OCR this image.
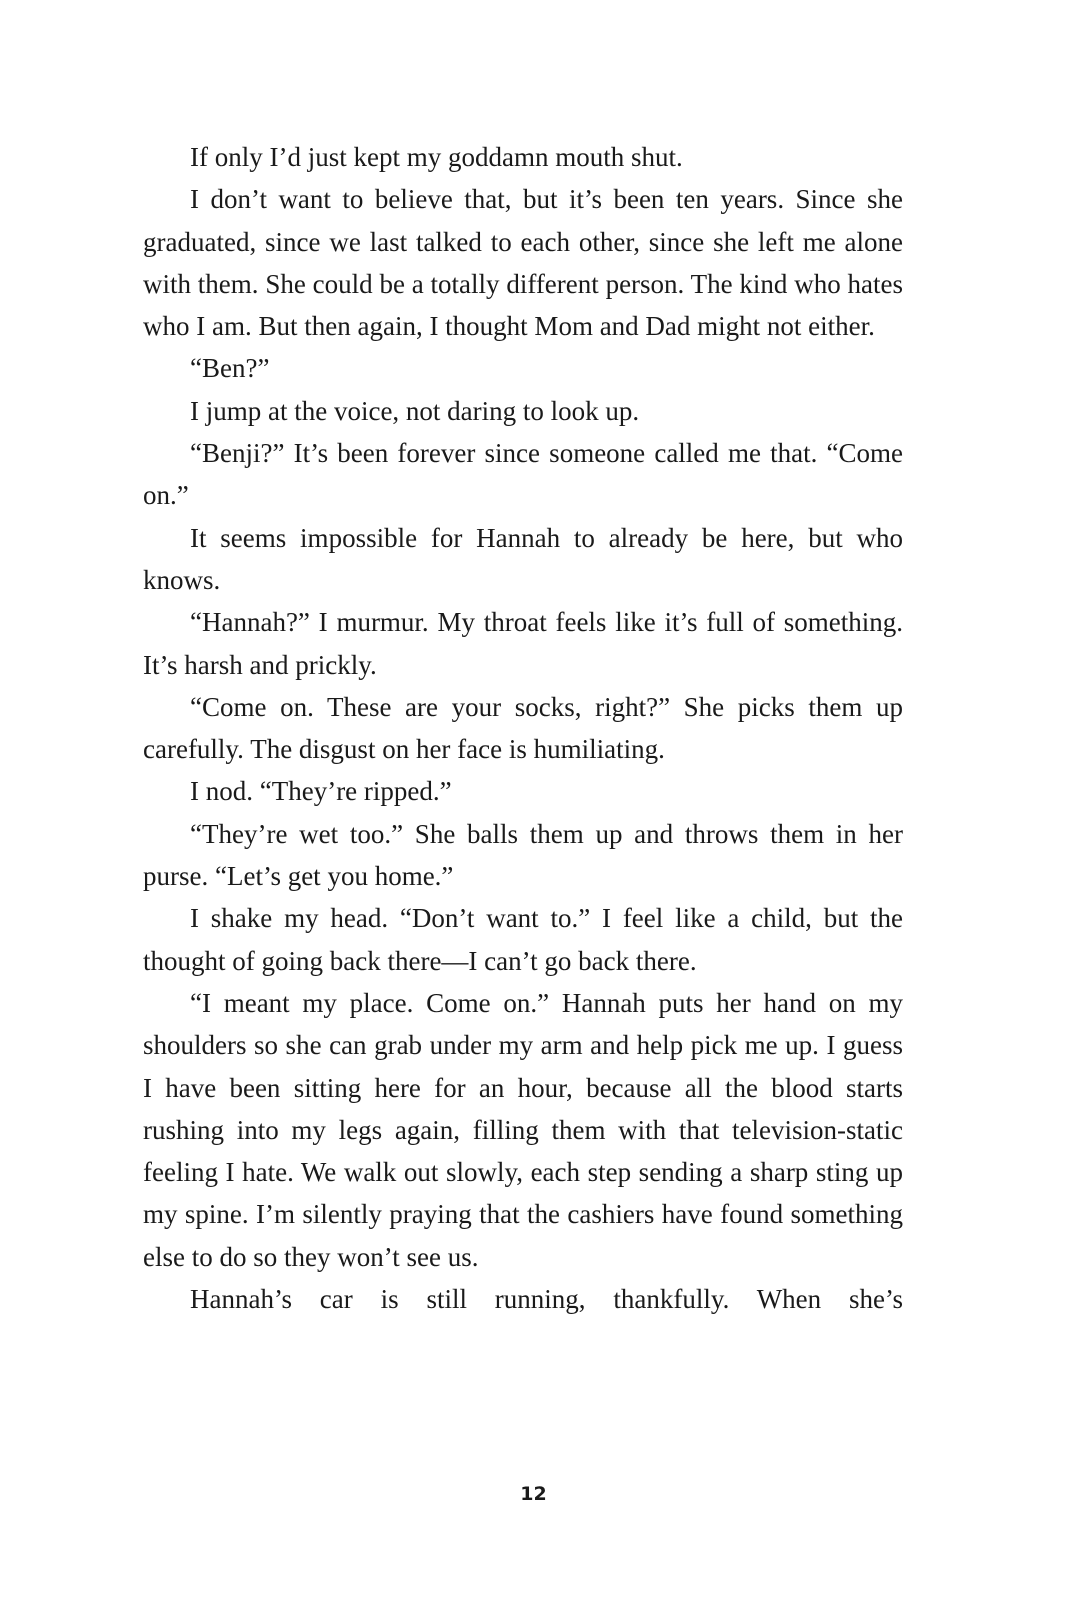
If only I’d just kept my goddamn mouth shut.

I don’t want to believe that, but it’s been ten years. Since she graduated, since we last talked to each other, since she left me alone with them. She could be a totally different person. The kind who hates who I am. But then again, I thought Mom and Dad might not either.

“Ben?”

I jump at the voice, not daring to look up.

“Benji?” It’s been forever since someone called me that. “Come on.”

It seems impossible for Hannah to already be here, but who knows.

“Hannah?” I murmur. My throat feels like it’s full of something. It’s harsh and prickly.

“Come on. These are your socks, right?” She picks them up carefully. The disgust on her face is humiliating.

I nod. “They’re ripped.”

“They’re wet too.” She balls them up and throws them in her purse. “Let’s get you home.”

I shake my head. “Don’t want to.” I feel like a child, but the thought of going back there—I can’t go back there.

“I meant my place. Come on.” Hannah puts her hand on my shoulders so she can grab under my arm and help pick me up. I guess I have been sitting here for an hour, because all the blood starts rushing into my legs again, filling them with that television-static feeling I hate. We walk out slowly, each step sending a sharp sting up my spine. I’m silently praying that the cashiers have found something else to do so they won’t see us.

Hannah’s car is still running, thankfully. When she’s

12
